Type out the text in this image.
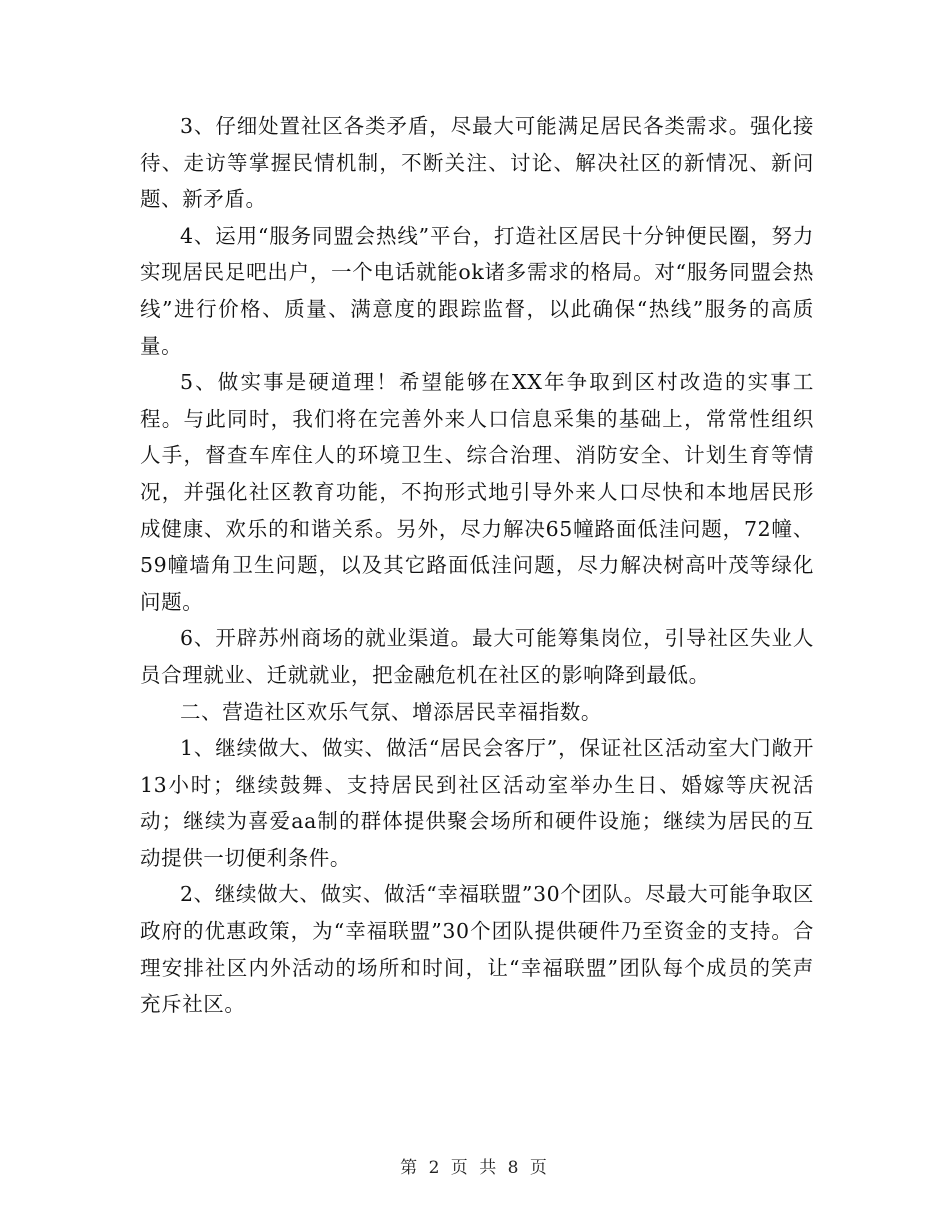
3、仔细处置社区各类矛盾，尽最大可能满足居民各类需求。强化接待、走访等掌握民情机制，不断关注、讨论、解决社区的新情况、新问题、新矛盾。

4、运用“服务同盟会热线”平台，打造社区居民十分钟便民圈，努力实现居民足吧出户，一个电话就能ok诸多需求的格局。对“服务同盟会热线”进行价格、质量、满意度的跟踪监督，以此确保“热线”服务的高质量。

5、做实事是硬道理！希望能够在XX年争取到区村改造的实事工程。与此同时，我们将在完善外来人口信息采集的基础上，常常性组织人手，督查车库住人的环境卫生、综合治理、消防安全、计划生育等情况，并强化社区教育功能，不拘形式地引导外来人口尽快和本地居民形成健康、欢乐的和谐关系。另外，尽力解决65幢路面低洼问题，72幢、59幢墙角卫生问题，以及其它路面低洼问题，尽力解决树高叶茂等绿化问题。

6、开辟苏州商场的就业渠道。最大可能筹集岗位，引导社区失业人员合理就业、迁就就业，把金融危机在社区的影响降到最低。

二、营造社区欢乐气氛、增添居民幸福指数。

1、继续做大、做实、做活“居民会客厅”，保证社区活动室大门敞开13小时；继续鼓舞、支持居民到社区活动室举办生日、婚嫁等庆祝活动；继续为喜爱aa制的群体提供聚会场所和硬件设施；继续为居民的互动提供一切便利条件。

2、继续做大、做实、做活“幸福联盟”30个团队。尽最大可能争取区政府的优惠政策，为“幸福联盟”30个团队提供硬件乃至资金的支持。合理安排社区内外活动的场所和时间，让“幸福联盟”团队每个成员的笑声充斥社区。

第 2 页 共 8 页
